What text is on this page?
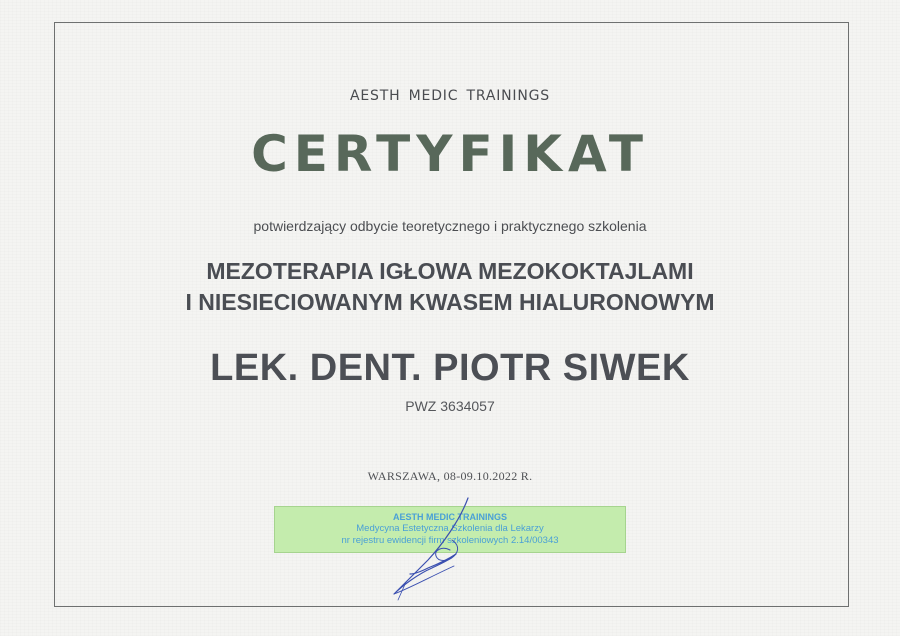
AESTH MEDIC TRAININGS
CERTYFIKAT
potwierdzający odbycie teoretycznego i praktycznego szkolenia
MEZOTERAPIA IGŁOWA MEZOKOKTAJLAMI
I NIESIECIOWANYM KWASEM HIALURONOWYM
LEK. DENT. PIOTR SIWEK
PWZ 3634057
WARSZAWA, 08-09.10.2022 R.
AESTH MEDIC TRAININGS
Medycyna Estetyczna Szkolenia dla Lekarzy
nr rejestru ewidencji firm szkoleniowych 2.14/00343
